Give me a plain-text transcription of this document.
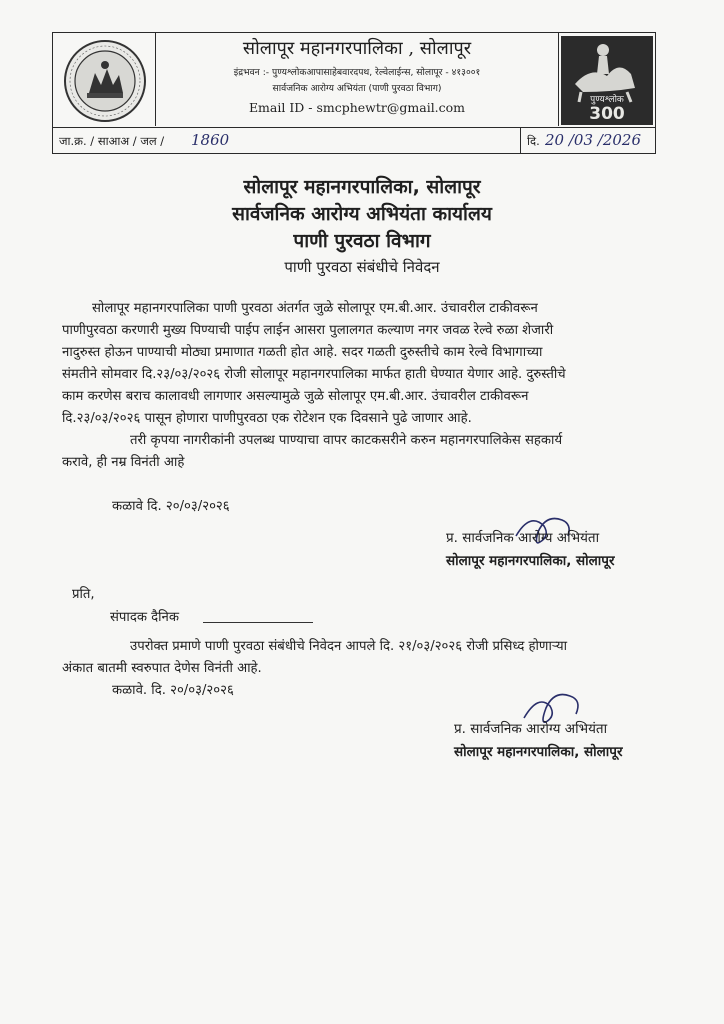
सोलापूर महानगरपालिका , सोलापूर
इंद्रभवन :- पुण्यश्लोकआपासाहेबवारदपथ, रेल्वेलाईन्स, सोलापूर - ४१३००१
सार्वजनिक आरोग्य अभियंता (पाणी पुरवठा विभाग)
Email ID - smcphewtr@gmail.com	पुण्यश्लोक
300
जा.क्र. / साआअ / जल / 1860	दि. 20 /03 /2026
सोलापूर महानगरपालिका, सोलापूर
सार्वजनिक आरोग्य अभियंता कार्यालय
पाणी पुरवठा विभाग
पाणी पुरवठा संबंधीचे निवेदन
सोलापूर महानगरपालिका पाणी पुरवठा अंतर्गत जुळे सोलापूर एम.बी.आर. उंचावरील टाकीवरून
पाणीपुरवठा करणारी मुख्य पिण्याची पाईप लाईन आसरा पुलालगत कल्याण नगर जवळ रेल्वे रुळा शेजारी
नादुरुस्त होऊन पाण्याची मोठ्या प्रमाणात गळती होत आहे. सदर गळती दुरुस्तीचे काम रेल्वे विभागाच्या
संमतीने सोमवार दि.२३/०३/२०२६ रोजी सोलापूर महानगरपालिका मार्फत हाती घेण्यात येणार आहे. दुरुस्तीचे
काम करणेस बराच कालावधी लागणार असल्यामुळे जुळे सोलापूर एम.बी.आर. उंचावरील टाकीवरून
दि.२३/०३/२०२६ पासून होणारा पाणीपुरवठा एक रोटेशन एक दिवसाने पुढे जाणार आहे.
तरी कृपया नागरीकांनी उपलब्ध पाण्याचा वापर काटकसरीने करुन महानगरपालिकेस सहकार्य
करावे, ही नम्र विनंती आहे
कळावे दि. २०/०३/२०२६
प्र. सार्वजनिक आरोग्य अभियंता
सोलापूर महानगरपालिका, सोलापूर
प्रति,
संपादक दैनिक
उपरोक्त प्रमाणे पाणी पुरवठा संबंधीचे निवेदन आपले दि. २१/०३/२०२६ रोजी प्रसिध्द होणाऱ्या
अंकात बातमी स्वरुपात देणेस विनंती आहे.
कळावे. दि. २०/०३/२०२६
प्र. सार्वजनिक आरोग्य अभियंता
सोलापूर महानगरपालिका, सोलापूर
